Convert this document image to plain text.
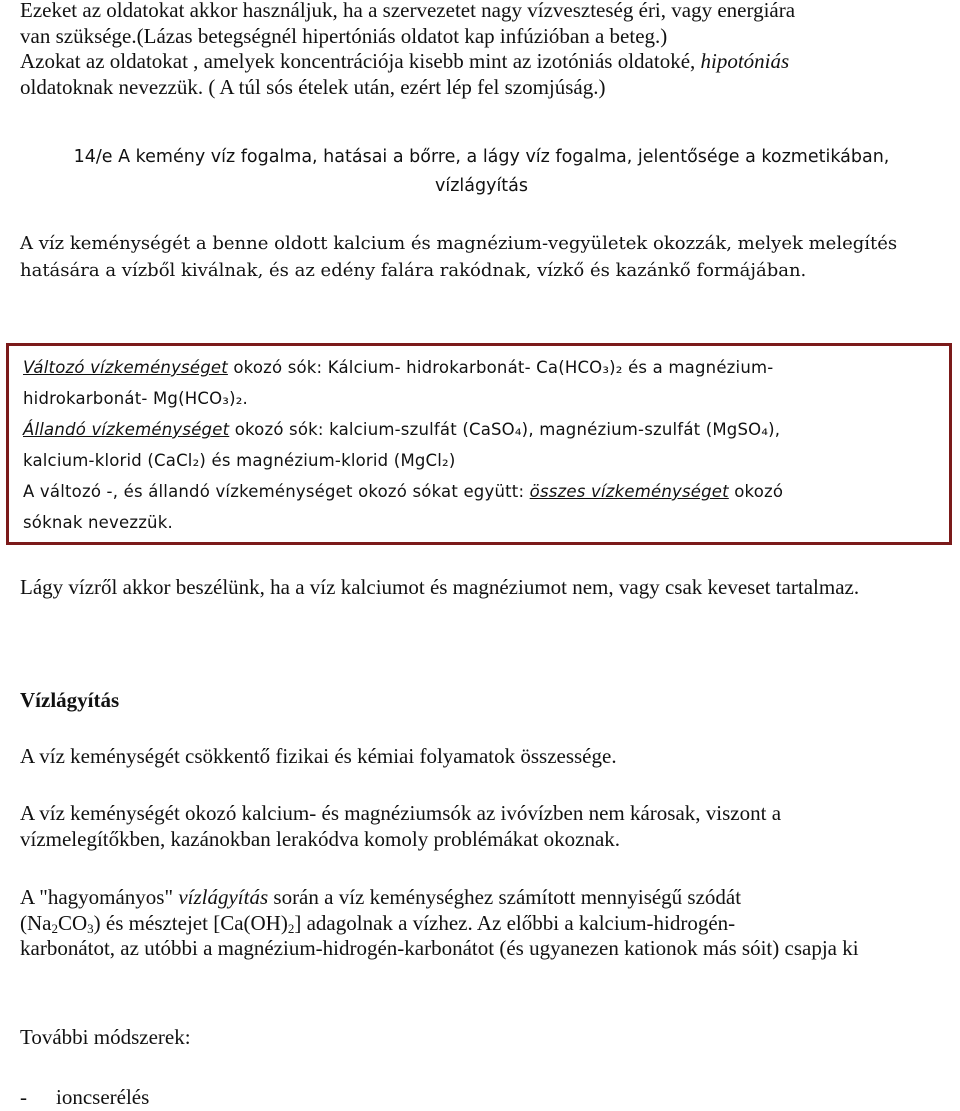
Ezeket az oldatokat akkor használjuk, ha a szervezetet nagy vízveszteség éri, vagy energiára

van szüksége.(Lázas betegségnél hipertóniás oldatot kap infúzióban a beteg.)

Azokat az oldatokat , amelyek koncentrációja kisebb mint az izotóniás oldatoké, hipotóniás

oldatoknak nevezzük. ( A túl sós ételek után, ezért lép fel szomjúság.)

14/e A kemény víz fogalma, hatásai a bőrre, a lágy víz fogalma, jelentősége a kozmetikában,

vízlágyítás

A víz keménységét a benne oldott kalcium és magnézium-vegyületek okozzák, melyek melegítés hatására a vízből kiválnak, és az edény falára rakódnak, vízkő és kazánkő formájában.

Változó vízkeménységet okozó sók: Kálcium- hidrokarbonát- Ca(HCO₃)₂ és a magnézium-

hidrokarbonát- Mg(HCO₃)₂.

Állandó vízkeménységet okozó sók: kalcium-szulfát (CaSO₄), magnézium-szulfát (MgSO₄),

kalcium-klorid (CaCl₂) és magnézium-klorid (MgCl₂)

A változó -, és állandó vízkeménységet okozó sókat együtt: összes vízkeménységet okozó

sóknak nevezzük.

Lágy vízről akkor beszélünk, ha a víz kalciumot és magnéziumot nem, vagy csak keveset tartalmaz.

Vízlágyítás

A víz keménységét csökkentő fizikai és kémiai folyamatok összessége.

A víz keménységét okozó kalcium- és magnéziumsók az ivóvízben nem károsak, viszont a vízmelegítőkben, kazánokban lerakódva komoly problémákat okoznak.

A "hagyományos" vízlágyítás során a víz keménységhez számított mennyiségű szódát

$(Na_2CO_3)$ és mésztejet $[Ca(OH)_2]$ adagolnak a vízhez. Az előbbi a kalcium-hidrogén-

karbonátot, az utóbbi a magnézium-hidrogén-karbonátot (és ugyanezen kationok más sóit) csapja ki

További módszerek:

- ioncserélés
